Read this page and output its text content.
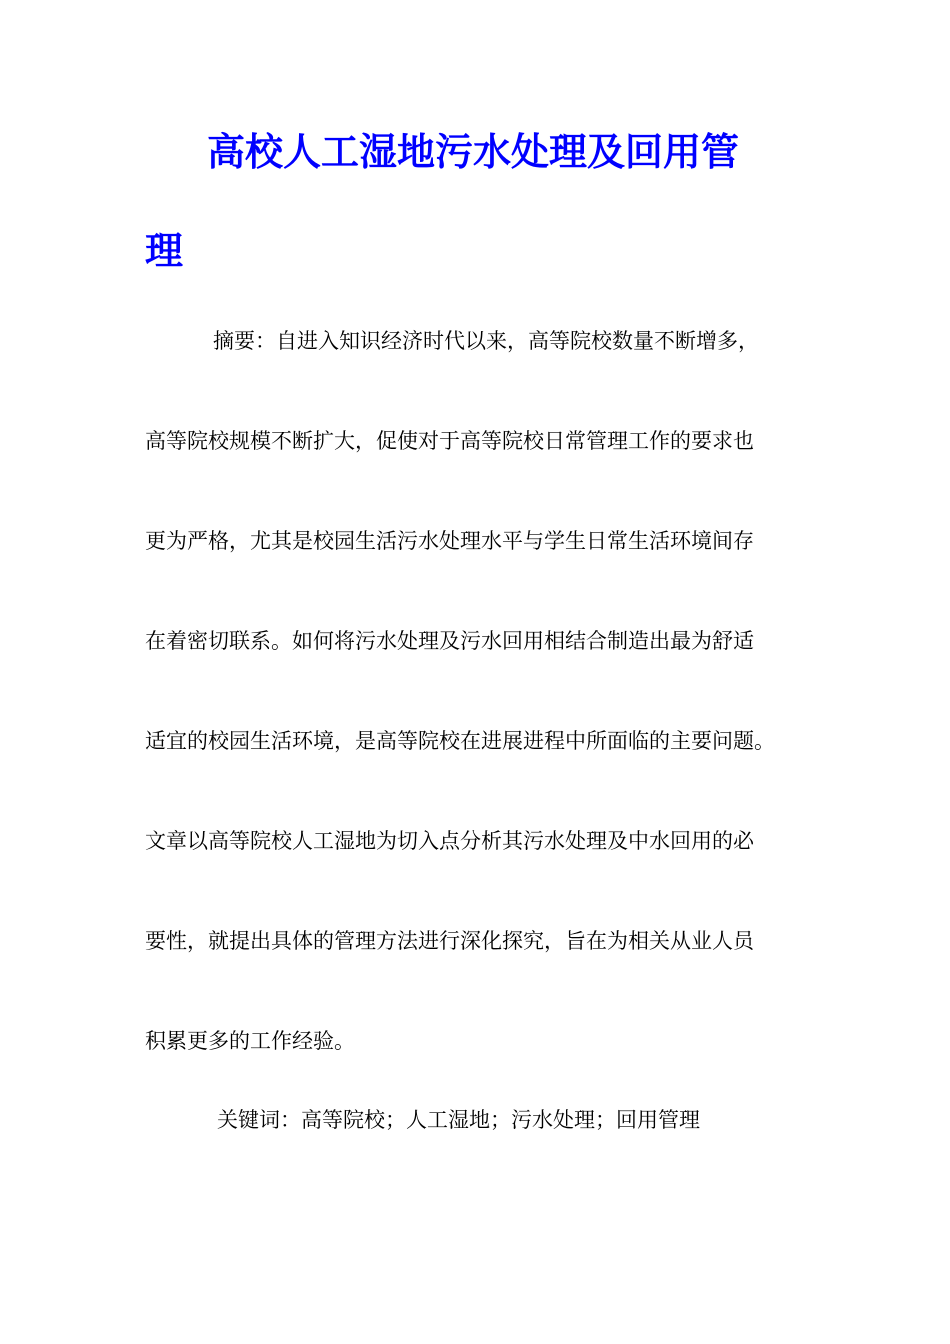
高校人工湿地污水处理及回用管
理

摘要：自进入知识经济时代以来，高等院校数量不断增多，

高等院校规模不断扩大，促使对于高等院校日常管理工作的要求也

更为严格，尤其是校园生活污水处理水平与学生日常生活环境间存

在着密切联系。如何将污水处理及污水回用相结合制造出最为舒适

适宜的校园生活环境，是高等院校在进展进程中所面临的主要问题。

文章以高等院校人工湿地为切入点分析其污水处理及中水回用的必

要性，就提出具体的管理方法进行深化探究，旨在为相关从业人员

积累更多的工作经验。

关键词：高等院校；人工湿地；污水处理；回用管理
